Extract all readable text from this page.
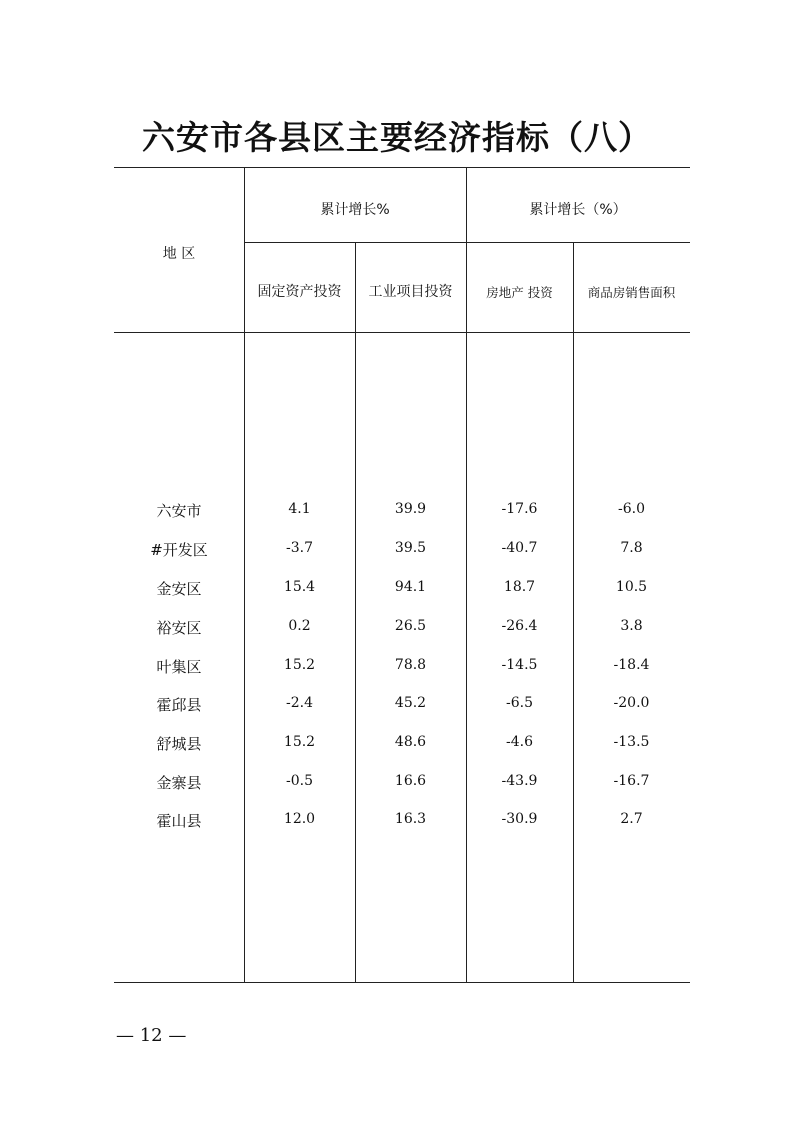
六安市各县区主要经济指标（八）
地 区
累计增长%	累计增长（%）
固定资产投资	工业项目投资	房地产 投资	商品房销售面积
六安市	4.1	39.9	-17.6	-6.0
#开发区	-3.7	39.5	-40.7	7.8
金安区	15.4	94.1	18.7	10.5
裕安区	0.2	26.5	-26.4	3.8
叶集区	15.2	78.8	-14.5	-18.4
霍邱县	-2.4	45.2	-6.5	-20.0
舒城县	15.2	48.6	-4.6	-13.5
金寨县	-0.5	16.6	-43.9	-16.7
霍山县	12.0	16.3	-30.9	2.7
— 12 —
